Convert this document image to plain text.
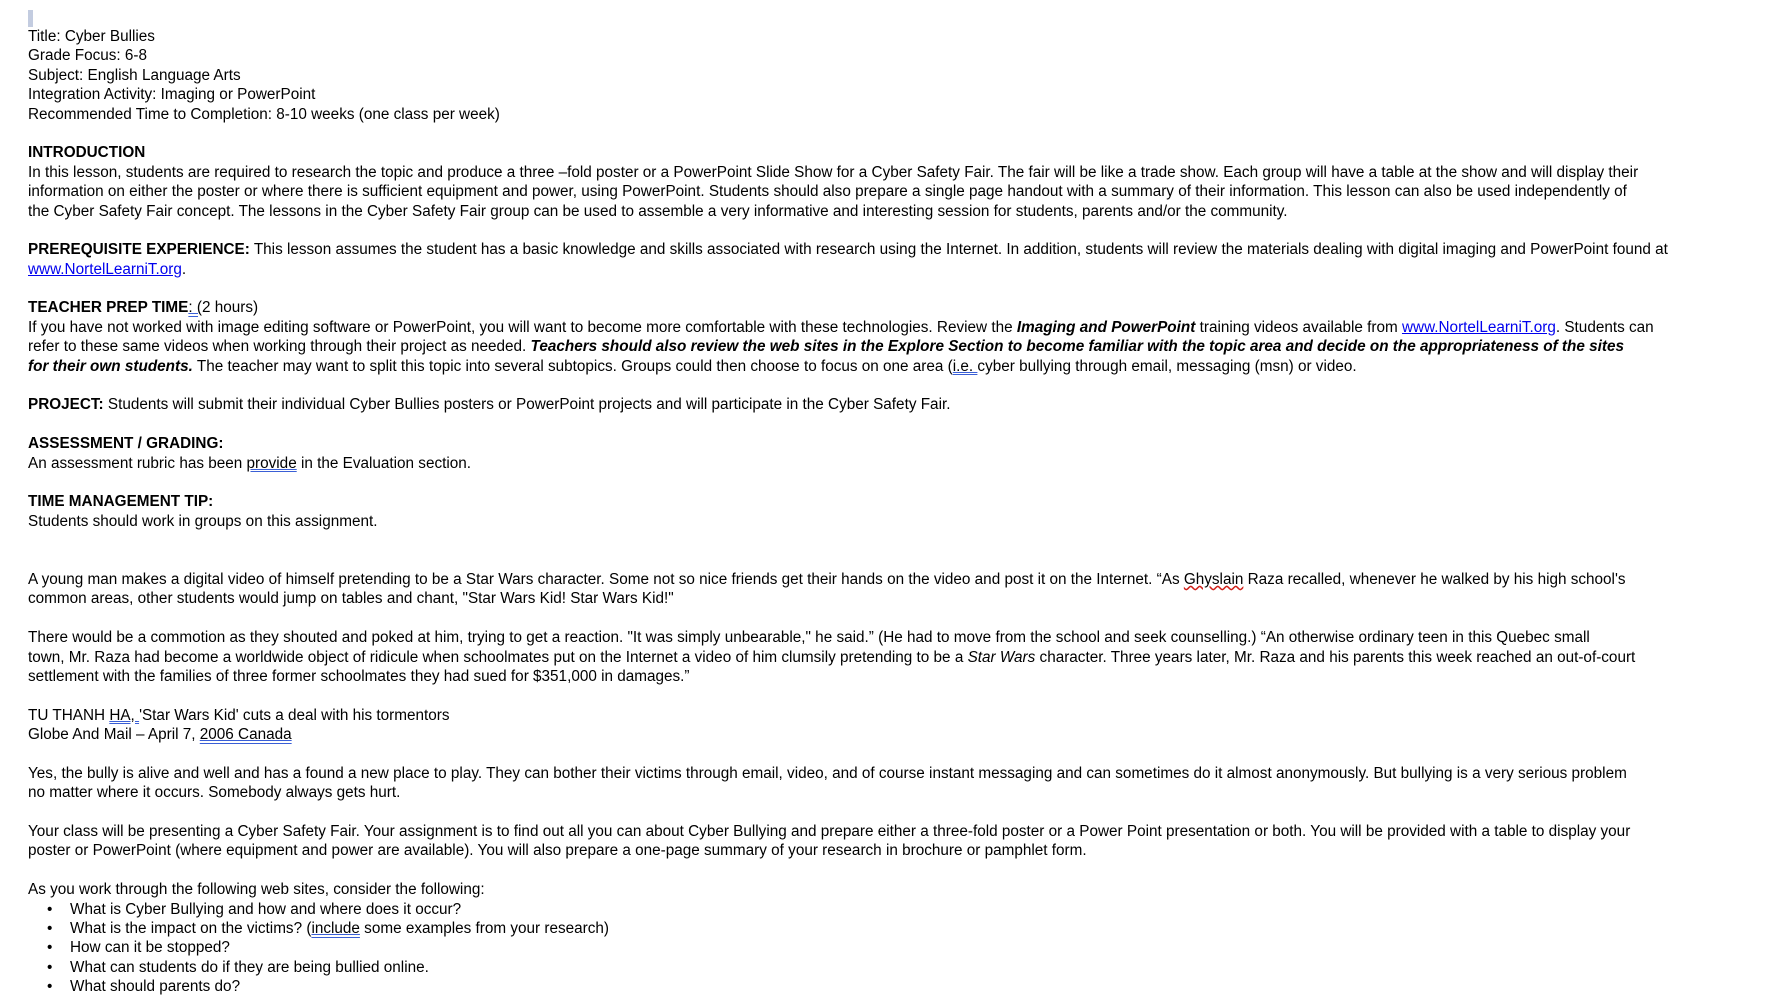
Title: Cyber Bullies
Grade Focus: 6-8
Subject: English Language Arts
Integration Activity: Imaging or PowerPoint
Recommended Time to Completion: 8-10 weeks (one class per week)
INTRODUCTION
In this lesson, students are required to research the topic and produce a three –fold poster or a PowerPoint Slide Show for a Cyber Safety Fair. The fair will be like a trade show. Each group will have a table at the show and will display their
information on either the poster or where there is sufficient equipment and power, using PowerPoint. Students should also prepare a single page handout with a summary of their information. This lesson can also be used independently of
the Cyber Safety Fair concept. The lessons in the Cyber Safety Fair group can be used to assemble a very informative and interesting session for students, parents and/or the community.
PREREQUISITE EXPERIENCE: This lesson assumes the student has a basic knowledge and skills associated with research using the Internet. In addition, students will review the materials dealing with digital imaging and PowerPoint found at
www.NortelLearniT.org.
TEACHER PREP TIME: (2 hours)
If you have not worked with image editing software or PowerPoint, you will want to become more comfortable with these technologies. Review the Imaging and PowerPoint training videos available from www.NortelLearniT.org. Students can
refer to these same videos when working through their project as needed. Teachers should also review the web sites in the Explore Section to become familiar with the topic area and decide on the appropriateness of the sites
for their own students. The teacher may want to split this topic into several subtopics. Groups could then choose to focus on one area (i.e. cyber bullying through email, messaging (msn) or video.
PROJECT: Students will submit their individual Cyber Bullies posters or PowerPoint projects and will participate in the Cyber Safety Fair.
ASSESSMENT / GRADING:
An assessment rubric has been provide in the Evaluation section.
TIME MANAGEMENT TIP:
Students should work in groups on this assignment.
A young man makes a digital video of himself pretending to be a Star Wars character. Some not so nice friends get their hands on the video and post it on the Internet. “As Ghyslain Raza recalled, whenever he walked by his high school's
common areas, other students would jump on tables and chant, "Star Wars Kid! Star Wars Kid!"
There would be a commotion as they shouted and poked at him, trying to get a reaction. "It was simply unbearable," he said.” (He had to move from the school and seek counselling.) “An otherwise ordinary teen in this Quebec small
town, Mr. Raza had become a worldwide object of ridicule when schoolmates put on the Internet a video of him clumsily pretending to be a Star Wars character. Three years later, Mr. Raza and his parents this week reached an out-of-court
settlement with the families of three former schoolmates they had sued for $351,000 in damages.”
TU THANH HA, 'Star Wars Kid' cuts a deal with his tormentors
Globe And Mail – April 7, 2006 Canada
Yes, the bully is alive and well and has a found a new place to play. They can bother their victims through email, video, and of course instant messaging and can sometimes do it almost anonymously. But bullying is a very serious problem
no matter where it occurs. Somebody always gets hurt.
Your class will be presenting a Cyber Safety Fair. Your assignment is to find out all you can about Cyber Bullying and prepare either a three-fold poster or a Power Point presentation or both. You will be provided with a table to display your
poster or PowerPoint (where equipment and power are available). You will also prepare a one-page summary of your research in brochure or pamphlet form.
As you work through the following web sites, consider the following:
• What is Cyber Bullying and how and where does it occur?
• What is the impact on the victims? (include some examples from your research)
• How can it be stopped?
• What can students do if they are being bullied online.
• What should parents do?
